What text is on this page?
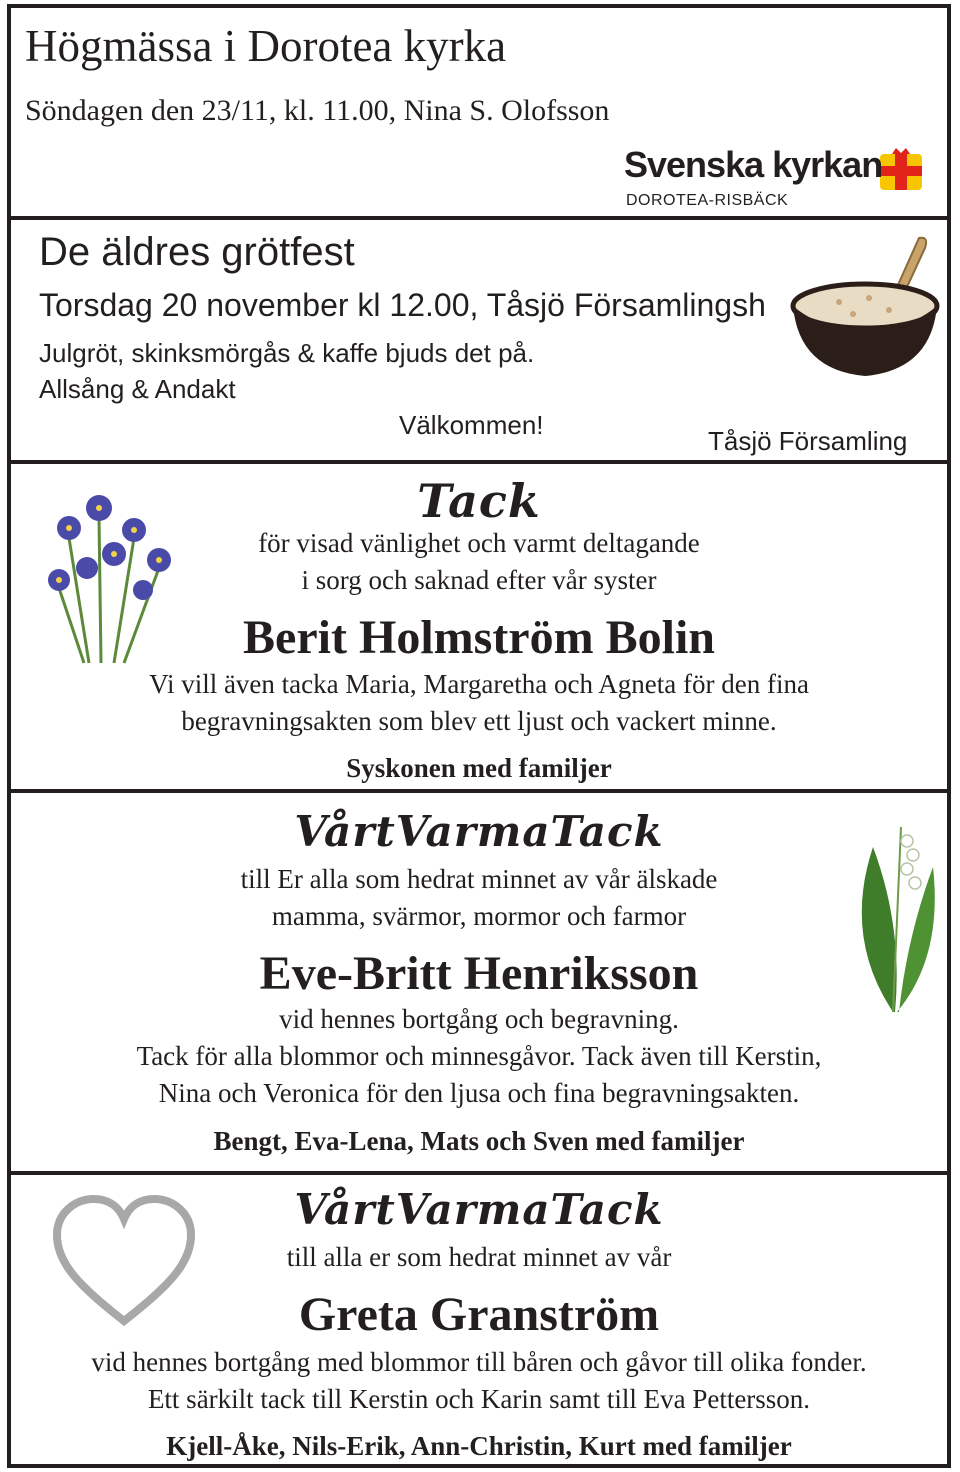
Högmässa i Dorotea kyrka
Söndagen den 23/11, kl. 11.00, Nina S. Olofsson
Svenska kyrkan
DOROTEA-RISBÄCK
De äldres grötfest
Torsdag 20 november kl 12.00, Tåsjö Församlingsh
Julgröt, skinksmörgås & kaffe bjuds det på.
Allsång & Andakt
Välkommen!
Tåsjö Församling
Tack
för visad vänlighet och varmt deltagande
i sorg och saknad efter vår syster
Berit Holmström Bolin
Vi vill även tacka Maria, Margaretha och Agneta för den fina
begravningsakten som blev ett ljust och vackert minne.
Syskonen med familjer
VårtVarmaTack
till Er alla som hedrat minnet av vår älskade
mamma, svärmor, mormor och farmor
Eve-Britt Henriksson
vid hennes bortgång och begravning.
Tack för alla blommor och minnesgåvor. Tack även till Kerstin,
Nina och Veronica för den ljusa och fina begravningsakten.
Bengt, Eva-Lena, Mats och Sven med familjer
VårtVarmaTack
till alla er som hedrat minnet av vår
Greta Granström
vid hennes bortgång med blommor till båren och gåvor till olika fonder.
Ett särkilt tack till Kerstin och Karin samt till Eva Pettersson.
Kjell-Åke, Nils-Erik, Ann-Christin, Kurt med familjer
